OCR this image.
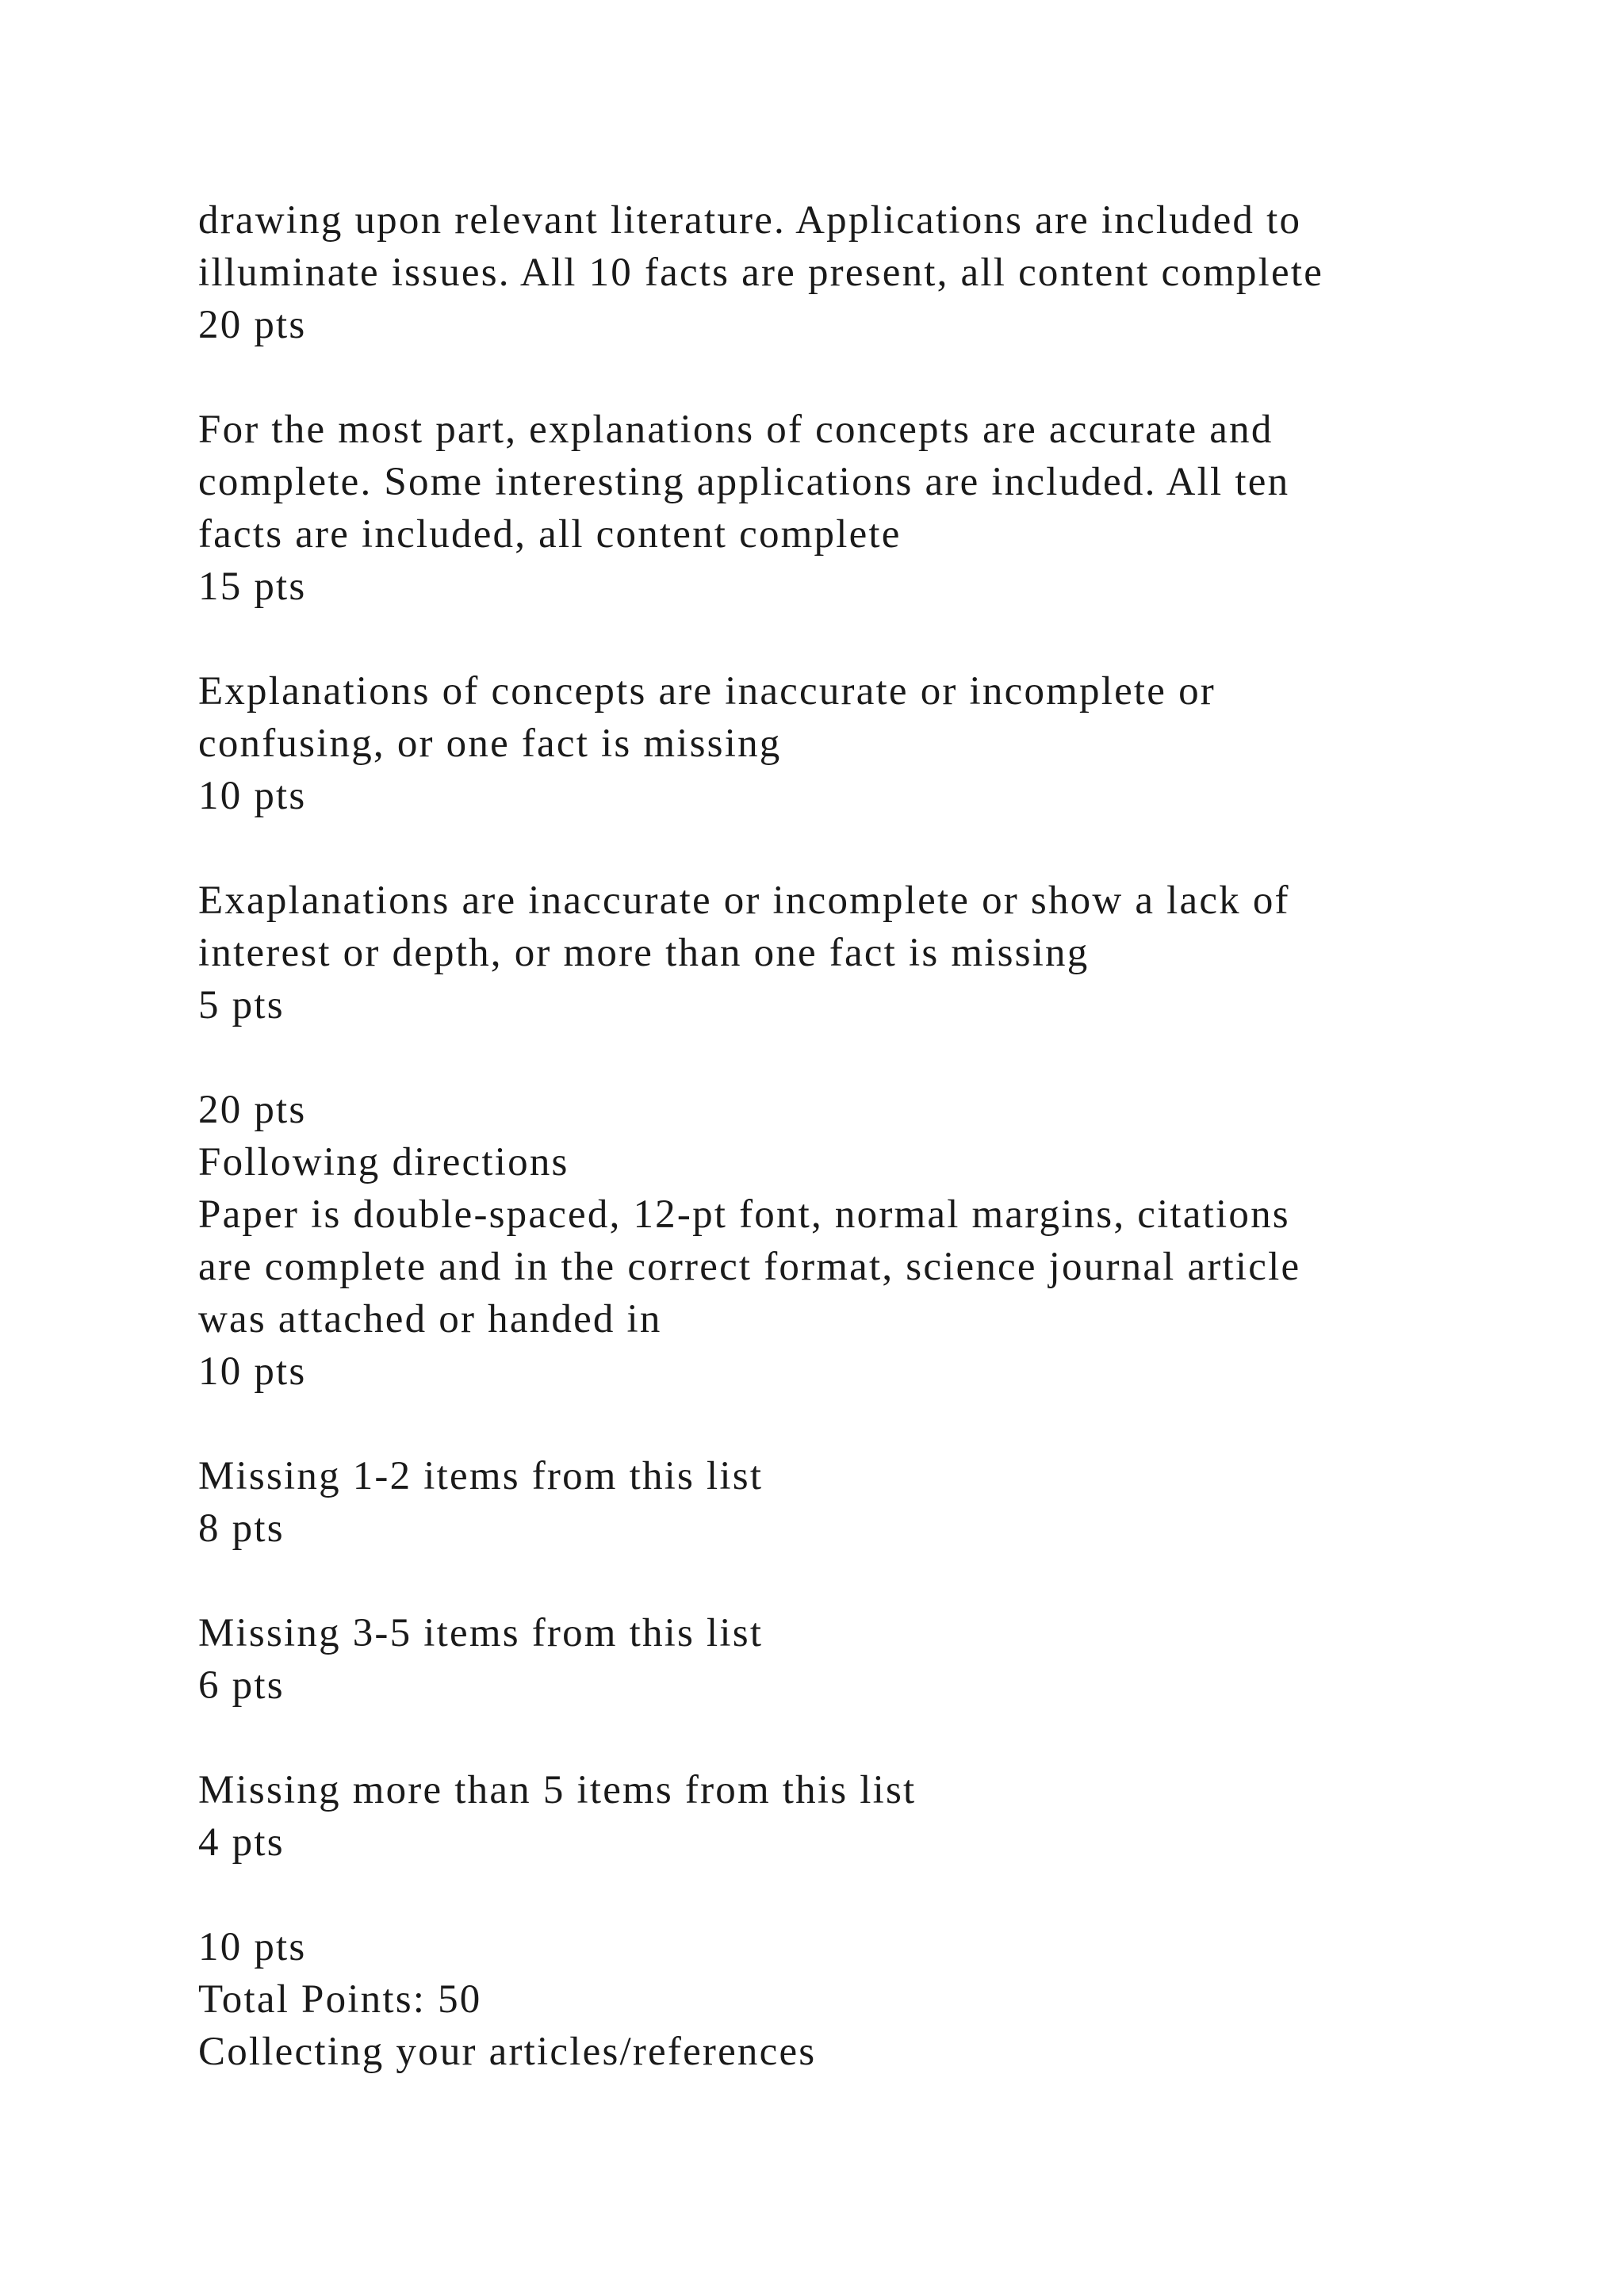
drawing upon relevant literature. Applications are included to
illuminate issues. All 10 facts are present, all content complete
20 pts
For the most part, explanations of concepts are accurate and
complete. Some interesting applications are included. All ten
facts are included, all content complete
15 pts
Explanations of concepts are inaccurate or incomplete or
confusing, or one fact is missing
10 pts
Exaplanations are inaccurate or incomplete or show a lack of
interest or depth, or more than one fact is missing
5 pts
20 pts
Following directions
Paper is double-spaced, 12-pt font, normal margins, citations
are complete and in the correct format, science journal article
was attached or handed in
10 pts
Missing 1-2 items from this list
8 pts
Missing 3-5 items from this list
6 pts
Missing more than 5 items from this list
4 pts
10 pts
Total Points: 50
Collecting your articles/references
